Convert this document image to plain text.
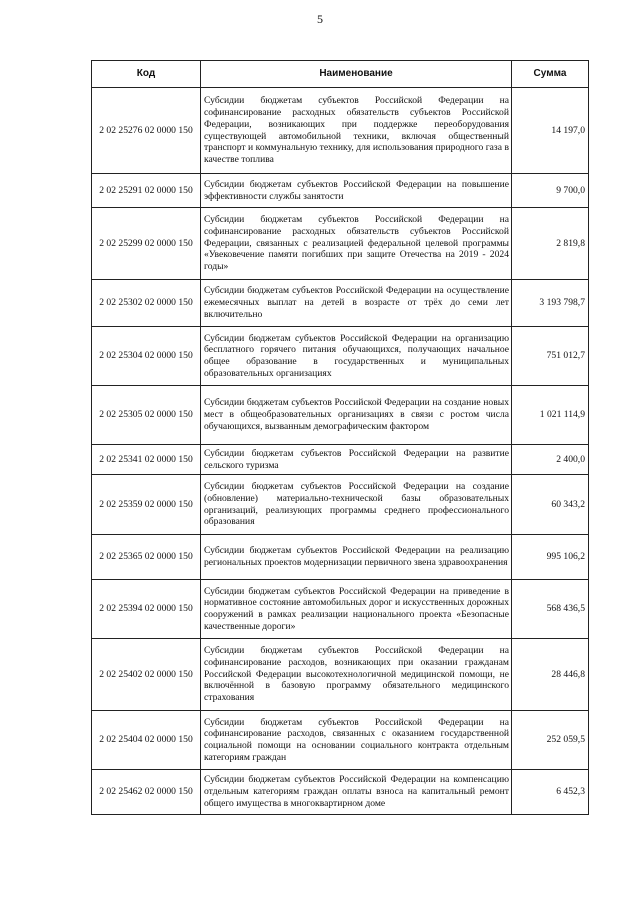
5
Код	Наименование	Сумма
2 02 25276 02 0000 150	Субсидии бюджетам субъектов Российской Федерации на софинансирование расходных обязательств субъектов Российской Федерации, возникающих при поддержке переоборудования существующей автомобильной техники, включая общественный транспорт и коммунальную технику, для использования природного газа в качестве топлива	14 197,0
2 02 25291 02 0000 150	Субсидии бюджетам субъектов Российской Федерации на повышение эффективности службы занятости	9 700,0
2 02 25299 02 0000 150	Субсидии бюджетам субъектов Российской Федерации на софинансирование расходных обязательств субъектов Российской Федерации, связанных с реализацией федеральной целевой программы «Увековечение памяти погибших при защите Отечества на 2019 - 2024 годы»	2 819,8
2 02 25302 02 0000 150	Субсидии бюджетам субъектов Российской Федерации на осуществление ежемесячных выплат на детей в возрасте от трёх до семи лет включительно	3 193 798,7
2 02 25304 02 0000 150	Субсидии бюджетам субъектов Российской Федерации на организацию бесплатного горячего питания обучающихся, получающих начальное общее образование в государственных и муниципальных образовательных организациях	751 012,7
2 02 25305 02 0000 150	Субсидии бюджетам субъектов Российской Федерации на создание новых мест в общеобразовательных организациях в связи с ростом числа обучающихся, вызванным демографическим фактором	1 021 114,9
2 02 25341 02 0000 150	Субсидии бюджетам субъектов Российской Федерации на развитие сельского туризма	2 400,0
2 02 25359 02 0000 150	Субсидии бюджетам субъектов Российской Федерации на создание (обновление) материально-технической базы образовательных организаций, реализующих программы среднего профессионального образования	60 343,2
2 02 25365 02 0000 150	Субсидии бюджетам субъектов Российской Федерации на реализацию региональных проектов модернизации первичного звена здравоохранения	995 106,2
2 02 25394 02 0000 150	Субсидии бюджетам субъектов Российской Федерации на приведение в нормативное состояние автомобильных дорог и искусственных дорожных сооружений в рамках реализации национального проекта «Безопасные качественные дороги»	568 436,5
2 02 25402 02 0000 150	Субсидии бюджетам субъектов Российской Федерации на софинансирование расходов, возникающих при оказании гражданам Российской Федерации высокотехнологичной медицинской помощи, не включённой в базовую программу обязательного медицинского страхования	28 446,8
2 02 25404 02 0000 150	Субсидии бюджетам субъектов Российской Федерации на софинансирование расходов, связанных с оказанием государственной социальной помощи на основании социального контракта отдельным категориям граждан	252 059,5
2 02 25462 02 0000 150	Субсидии бюджетам субъектов Российской Федерации на компенсацию отдельным категориям граждан оплаты взноса на капитальный ремонт общего имущества в многоквартирном доме	6 452,3
